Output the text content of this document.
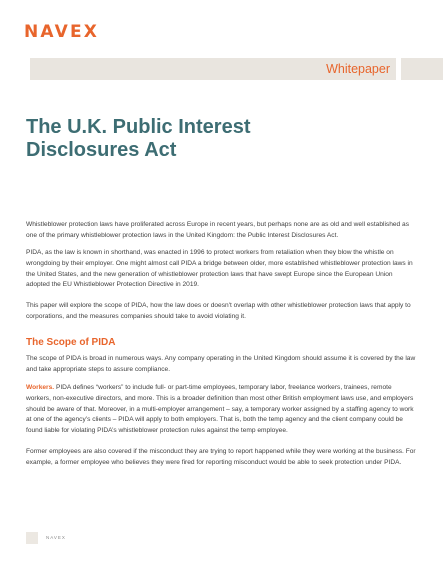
NAVEX
Whitepaper
The U.K. Public Interest Disclosures Act

Whistleblower protection laws have proliferated across Europe in recent years, but perhaps none are as old and well established as one of the primary whistleblower protection laws in the United Kingdom: the Public Interest Disclosures Act.

PIDA, as the law is known in shorthand, was enacted in 1996 to protect workers from retaliation when they blow the whistle on wrongdoing by their employer. One might almost call PIDA a bridge between older, more established whistleblower protection laws in the United States, and the new generation of whistleblower protection laws that have swept Europe since the European Union adopted the EU Whistleblower Protection Directive in 2019.

This paper will explore the scope of PIDA, how the law does or doesn't overlap with other whistleblower protection laws that apply to corporations, and the measures companies should take to avoid violating it.

The Scope of PIDA

The scope of PIDA is broad in numerous ways. Any company operating in the United Kingdom should assume it is covered by the law and take appropriate steps to assure compliance.

Workers. PIDA defines “workers” to include full- or part-time employees, temporary labor, freelance workers, trainees, remote workers, non-executive directors, and more. This is a broader definition than most other British employment laws use, and employers should be aware of that. Moreover, in a multi-employer arrangement – say, a temporary worker assigned by a staffing agency to work at one of the agency’s clients – PIDA will apply to both employers. That is, both the temp agency and the client company could be found liable for violating PIDA’s whistleblower protection rules against the temp employee.

Former employees are also covered if the misconduct they are trying to report happened while they were working at the business. For example, a former employee who believes they were fired for reporting misconduct would be able to seek protection under PIDA.

NAVEX
